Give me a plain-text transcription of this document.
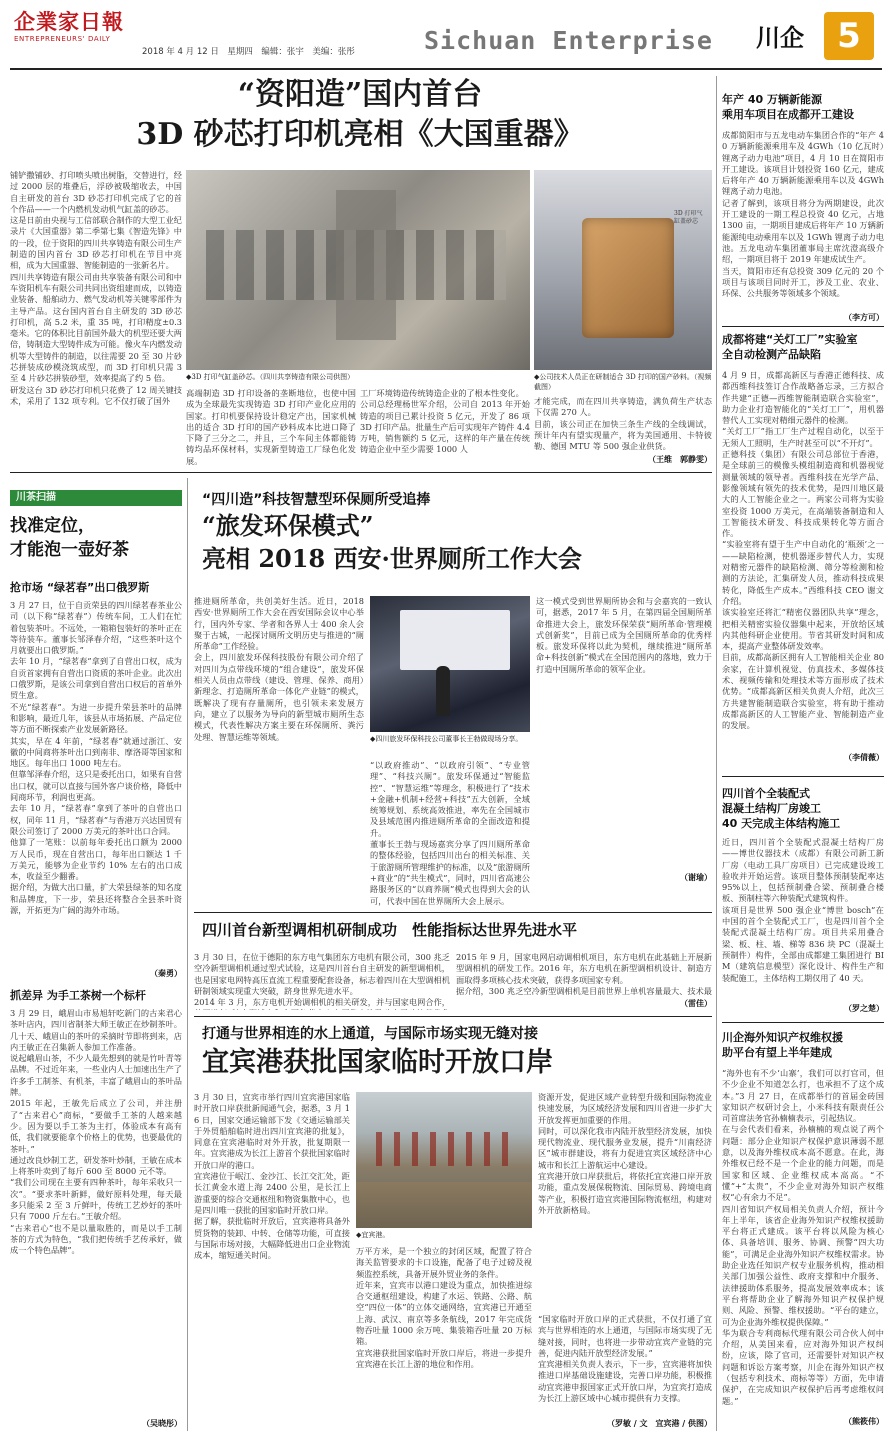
企業家日報
ENTREPRENEURS' DAILY
2018 年 4 月 12 日　星期四　编辑：张宇　美编：张彤	Sichuan Enterprise	川企 5
“资阳造”国内首台
3D 砂芯打印机亮相《大国重器》
铺铲撒铺砂、打印喷头喷出树脂，交替进行，经过 2000 层的堆叠后，浮砂被吸缩收去，中国自主研发的首台 3D 砂芯打印机完成了它的首个作品——一个内燃机发动机气缸盖的砂芯。
这是日前由央视与工信部联合制作的大型工业纪录片《大国重器》第二季第七集《智造先锋》中的一段，位于资阳的四川共享铸造有限公司生产制造的国内首台 3D 砂芯打印机在节目中亮相，成为大国重器、智能制造的一张新名片。
四川共享铸造有限公司由共享装备有限公司和中车资阳机车有限公司共同出资组建而成，以铸造业装备、船舶动力、燃气发动机等关键零部件为主导产品。这台国内首台自主研发的 3D 砂芯打印机，高 5.2 米，重 35 吨，打印精度±0.3 毫米。它的体积比目前国外最大的机型还要大两倍，铸制造大型铸件成为可能。像火车内燃发动机等大型铸件的制造，以往需要 20 至 30 片砂芯拼装成砂模浇筑成型，而 3D 打印机只需 3 至 4 片砂芯拼装砂型，效率提高了约 5 倍。
研发这台 3D 砂芯打印机只花费了 12 周关键技术，采用了 132 项专利。它不仅打破了国外
◆3D 打印气缸盖砂芯。（四川共享铸造有限公司供图）
3D 打印气缸盖砂芯
◆公司技术人员正在研制适合 3D 打印的国产砂料。（视频截图）
高端制造 3D 打印设备的垄断地位，也使中国成为全球最先实现铸造 3D 打印产业化应用的国家。打印机要保持设计稳定产出，国家机械出的适合 3D 打印的国产砂料成本比进口降了下降了三分之二，并且，三个车间主体都能铸铸均品环保材料，实现新型铸造工厂绿色化发展。
工厂环境铸造传统铸造企业的了根本性变化。
公司总经理杨世军介绍，公司自 2013 年开始铸造的项目已累计投资 5 亿元，开发了 86 项 3D 打印产品。批量生产后可实现年产铸件 4.4 万吨，销售额约 5 亿元，这样的年产量在传统铸造企业中至少需要 1000 人
才能完成，而在四川共享铸造，满负荷生产状态下仅需 270 人。
目前，该公司正在加快三条生产线的全线调试，预计年内有望实现量产，将为美国通用、卡特彼勒、德国 MTU 等 500 强企业供货。
（王维　郭静雯）
年产 40 万辆新能源
乘用车项目在成都开工建设
成都简阳市与五龙电动车集团合作的“年产 40 万辆新能源乘用车及 4GWh（10 亿瓦时）锂离子动力电池”项目，4 月 10 日在简阳市开工建设。该项目计划投资 160 亿元，建成后将年产 40 万辆新能源乘用车以及 4GWh 锂离子动力电池。
记者了解到，该项目将分为两期建设，此次开工建设的一期工程总投资 40 亿元，占地 1300 亩，一期项目建成后将年产 10 万辆新能源纯电动乘用车以及 1GWh 锂离子动力电池。五龙电动车集团董事局主席沈澄高级介绍，一期项目将于 2019 年建成试生产。
当天，简阳市还有总投资 309 亿元的 20 个项目与该项目同时开工，涉及工业、农业、环保、公共服务等领域多个领域。
（李方可）
成都将建“关灯工厂”实验室
全自动检测产品缺陷
4 月 9 日，成都高新区与香港正德科技、成都西维科技签订合作战略备忘录，三方拟合作共建“正德—西维智能制造联合实验室”，助力企业打造智能化的“关灯工厂”，用机器替代人工实现对精细元器件的检测。
“关灯工厂”指工厂生产过程自动化，以至于无须人工照明，生产时甚至可以“不开灯”。
正德科技（集团）有限公司总部位于香港，是全球前三的模像头模组制造商和机器视觉测量领域的领导者。西维科技在光学产品、影像领域有领先的技术优势，是四川地区最大的人工智能企业之一。两家公司将为实验室投资 1000 万美元，在高端装备制造和人工智能技术研发、科技成果转化等方面合作。
“实验室将有望于生产中自动化的‘瓶颈’之一——缺陷检测，使机器逐步替代人力，实现对精密元器件的缺陷检测、筛分等检测和检测的方法论，汇集研发人员，推动科技成果转化，降低生产成本。”西维科技 CEO 谢文介绍。
该实验室还将汇“精密仪器团队共享”理念，把相关精密实验仪器集中起来，开放给区域内其他科研企业使用。节省其研发时间和成本，提高产业整体研发效率。
目前，成都高新区拥有人工智能相关企业 80 余家，在计算机视觉、仿真技术、多媒体技术、视频传输和处理技术等方面形成了技术优势。“成都高新区相关负责人介绍，此次三方共建智能制造联合实验室，将有助于推动成都高新区的人工智能产业、智能制造产业的发展。
（李倩薇）
四川首个全装配式
混凝土结构厂房竣工
40 天完成主体结构施工
近日，四川首个全装配式混凝土结构厂房——博世仪器技术（成都）有限公司新工新厂房（电动工具厂房项目）已完成建设竣工验收并开始运营。该项目整体预制装配率达 95%以上，包括预制叠合梁、预制叠合楼板、预制柱等六种装配式建筑构件。
该项目是世界 500 强企业“博世 bosch”在中国的首个全装配式工厂，也是四川首个全装配式混凝土结构厂房。项目共采用叠合梁、板、柱、墙、梯等 836 块 PC（混凝土预制件）构件，全部由成都建工集团进行 BIM（建筑信息模型）深化设计、构件生产和装配施工，主体结构工期仅用了 40 天。
（罗之楚）
川企海外知识产权维权援
助平台有望上半年建成
“海外也有不少‘山寨’，我们可以打官司，但不少企业不知道怎么打，也承担不了这个成本。”3 月 27 日，在成都举行的首届金砖国家知识产权研讨会上，小米科技有限责任公司首席法务官孙楠楠表示，引起热议。
在与会代表们看来，孙楠楠的观点说了两个问题：部分企业知识产权保护意识薄弱不愿意，以及海外维权成本高不愿意。在此，海外维权已经不是一个企业的能力问题，而是国家和区域、企业维权成本高高。“不懂”+“太贵”，不少企业对海外知识产权维权“心有余力不足”。
四川省知识产权局相关负责人介绍，预计今年上半年，该省企业海外知识产权维权援助平台将正式建成。该平台将以风险为核心体、具备培训、服务、协调、预警“四大功能”，可满足企业海外知识产权维权需求。协助企业选任知识产权专业服务机构，推动相关部门加强公益性、政府支撑和中介服务、法律援助体系服务，提高发展效率成本；该平台将帮助企业了解海外知识产权保护规则、风险、预警、维权援助。“平台的建立，可为企业海外维权提供保障。”
华为联合专利商标代理有限公司合伙人何中介绍，从美国来看，应对海外知识产权纠纷，应该，除了官司，还需要针对知识产权问题和诉讼方案考察，川企在海外知识产权（包括专利技术、商标等等）方面，先申请保护，在完成知识产权保护后再考虑维权问题。”
（熊筱伟）
川茶扫描
找准定位，
才能泡一壶好茶
抢市场 “绿茗春”出口俄罗斯
3 月 27 日，位于自贡荣县的四川绿茗春茶业公司（以下称“绿茗春”）传统车间，工人们在忙着包装茶叶。不远处，一箱箱包装好的茶叶正在等待装车。董事长邹泽春介绍，“这些茶叶这个月就要出口俄罗斯。”
去年 10 月，“绿茗春”拿到了自营出口权，成为自贡首家拥有自营出口资质的茶叶企业。此次出口俄罗斯，是该公司拿到自营出口权后的首单外贸生意。
不光“绿茗春”。为进一步提升荣县茶叶的品牌和影响，最近几年，该县从市场拓展、产品定位等方面不断探索产业发展新路径。
其实，早在 4 年前，“绿茗春”就通过浙江、安徽的中间商将茶叶出口到南非、摩洛哥等国家和地区。每年出口 1000 吨左右。
但靠邹泽春介绍，这只是委托出口，如果有自营出口权，就可以直接与国外客户谈价格，降低中间商环节，利润也更高。
去年 10 月，“绿茗春”拿到了茶叶的自营出口权，同年 11 月，“绿茗春”与香港万兴达国贸有限公司签订了 2000 万美元的茶叶出口合同。
他算了一笔账：以前每年委托出口额为 2000 万人民币，现在自营出口，每年出口额达 1 千万美元，能够为企业节约 10% 左右的出口成本，收益至少翻番。
据介绍，为做大出口量，扩大荣县绿茶的知名度和品牌度，下一步，荣县还将整合全县茶叶资源，开拓更为广阔的海外市场。
（秦勇）
抓差异 为手工茶树一个标杆
3 月 29 日，峨眉山市易旭轩吃新门的古来君心茶叶店内，四川省制茶大师王敏正在炒制茶叶。几十天、峨眉山的茶叶的采摘时节即将到来，店内王敏正在召集新人参加工作准备。
说起峨眉山茶，不少人最先想到的就是竹叶青等品牌。不过近年来，一些业内人士加速出生产了许多手工制茶、有机茶，丰富了峨眉山的茶叶品牌。
2015 年起，王敏先后成立了公司，并注册了“古来君心”商标，“要做手工茶的人越来越少。因为要以手工茶为主打，体验成本有高有低，我们就要能拿个价格上的优势，也要最优的茶叶。”
通过改良炒制工艺，研发茶叶炒制，王敏在成本上将茶叶卖到了每斤 600 至 8000 元不等。
“我们公司现在主要有四种茶叶，每年采收只一次”。“要求茶叶新鲜，做好原料处理，每天最多只能采 2 至 3 斤鲜叶，传统工艺炒好的茶叶只有 7000 斤左右。”王敏介绍。
“古来君心”也不是以量取胜的，而是以手工制茶的方式为特色，“我们把传统手艺传承好，做成一个特色品牌”。
（吴晓彤）
“四川造”科技智慧型环保厕所受追捧
“旅发环保模式”
亮相 2018 西安·世界厕所工作大会
推进厕所革命，共创美好生活。近日，2018 西安·世界厕所工作大会在西安国际会议中心举行，国内外专家、学者和各界人士 400 余人会聚于古城，一起探讨厕所文明历史与推进的“厕所革命”工作经验。
会上，四川旅发环保科技股份有限公司介绍了对四川为点带线环境的“组合建设”，旅发环保相关人员由点带线（建设、管理、保养、商用）新理念、打造厕所革命一体化产业链”的模式，既解决了现有存量厕所，也引领未来发展方向，建立了以服务为导向的新型城市厕所生态模式，代表性解决方案主要在环保厕所、粪污处理、智慧运维等领域。	◆四川旅发环保科技公司董事长王勃做现场分享。
“以政府推动”、“以政府引领”、“专业管理”、“科技兴厕”。旅发环保通过“智能监控”、“智慧运维”等理念，积极进行了“技术+金融+机制+经营+科技”五大创新，全域统筹规划、系统高效推进，率先在全国城市及县域范围内推进厕所革命的全面改造和提升。
董事长王勃与现场嘉宾分享了四川厕所革命的整体经验，包括四川出台的相关标准、关于旅游厕所管理维护的标准，以及“旅游厕所+商业”的“共生模式”，同时，四川省高速公路服务区的“以商养厕”模式也得到大会的认可，代表中国在世界厕所大会上展示。

这一模式受到世界厕所协会和与会嘉宾的一致认可，据悉，2017 年 5 月，在第四届全国厕所革命推进大会上，旅发环保荣获“厕所革命·管理模式创新奖”，目前已成为全国厕所革命的优秀样板。旅发环保将以此为契机，继续推进“厕所革命+科技创新”模式在全国范围内的落地，致力于打造中国厕所革命的领军企业。
（谢瑜）
四川首台新型调相机研制成功　性能指标达世界先进水平
3 月 30 日，在位于德阳的东方电气集团东方电机有限公司，300 兆乏空冷新型调相机通过型式试验，这是四川首台自主研发的新型调相机，也是国家电网特高压直流工程重要配套设备，标志着四川在大型调相机研制领域实现重大突破，跻身世界先进水平。
2014 年 3 月，东方电机开始调相机的相关研发，并与国家电网合作，
2015 年 9 月，国家电网启动调相机项目，东方电机在此基础上开展新型调相机的研发工作。2016 年，东方电机在新型调相机设计、制造方面取得多项核心技术突破，获得多项国家专利。
据介绍，300 兆乏空冷新型调相机是目前世界上单机容量最大、技术最
（雷佳）
打通与世界相连的水上通道，与国际市场实现无缝对接
宜宾港获批国家临时开放口岸
3 月 30 日，宜宾市举行四川宜宾港国家临时开放口岸获批新闻通气会，据悉，3 月 16 日，国家交通运输部下发《交通运输部关于外贸船舶临时进出四川宜宾港的批复》，同意在宜宾港临时对外开放，批复期限一年。宜宾港成为长江上游首个获批国家临时开放口岸的港口。
宜宾港位于岷江、金沙江、长江交汇处，距长江黄金水道上海 2400 公里，是长江上游重要的综合交通枢纽和物资集散中心，也是四川唯一获批的国家临时开放口岸。
据了解，获批临时开放后，宜宾港将具备外贸货物的装卸、中转、仓储等功能，可直接与国际市场对接，大幅降低进出口企业物流成本，缩短通关时间。
◆宜宾港。
万平方米，是一个独立的封闭区域，配置了符合海关监管要求的卡口设施，配备了电子过磅及视频监控系统，具备开展外贸业务的条件。
近年来，宜宾市以港口建设为重点，加快推进综合交通枢纽建设，构建了水运、铁路、公路、航空“四位一体”的立体交通网络，宜宾港已开通至上海、武汉、南京等多条航线，2017 年完成货物吞吐量 1000 余万吨、集装箱吞吐量 20 万标箱。
宜宾港获批国家临时开放口岸后，将进一步提升宜宾港在长江上游的地位和作用。
资源开发，促进区域产业转型升级和国际物流业快速发展，为区域经济发展和四川省进一步扩大开放发挥更加重要的作用。
同时，可以深化我市内陆开放型经济发展，加快现代物流业、现代服务业发展，提升“川南经济区”城市群建设，将有力促进宜宾区域经济中心城市和长江上游航运中心建设。
宜宾港开放口岸获批后，将依托宜宾港口岸开放功能，重点发展保税物流、国际贸易、跨境电商等产业，积极打造宜宾港国际物流枢纽，构建对外开放新格局。
“国家临时开放口岸的正式获批，不仅打通了宜宾与世界相连的水上通道，与国际市场实现了无缝对接，同时，也将进一步带动宜宾产业链的完善，促进内陆开放型经济发展。”
宜宾港相关负责人表示，下一步，宜宾港将加快推进口岸基础设施建设，完善口岸功能，积极推动宜宾港申报国家正式开放口岸，为宜宾打造成为长江上游区域中心城市提供有力支撑。
（罗敏 / 文　宜宾港 / 供图）
